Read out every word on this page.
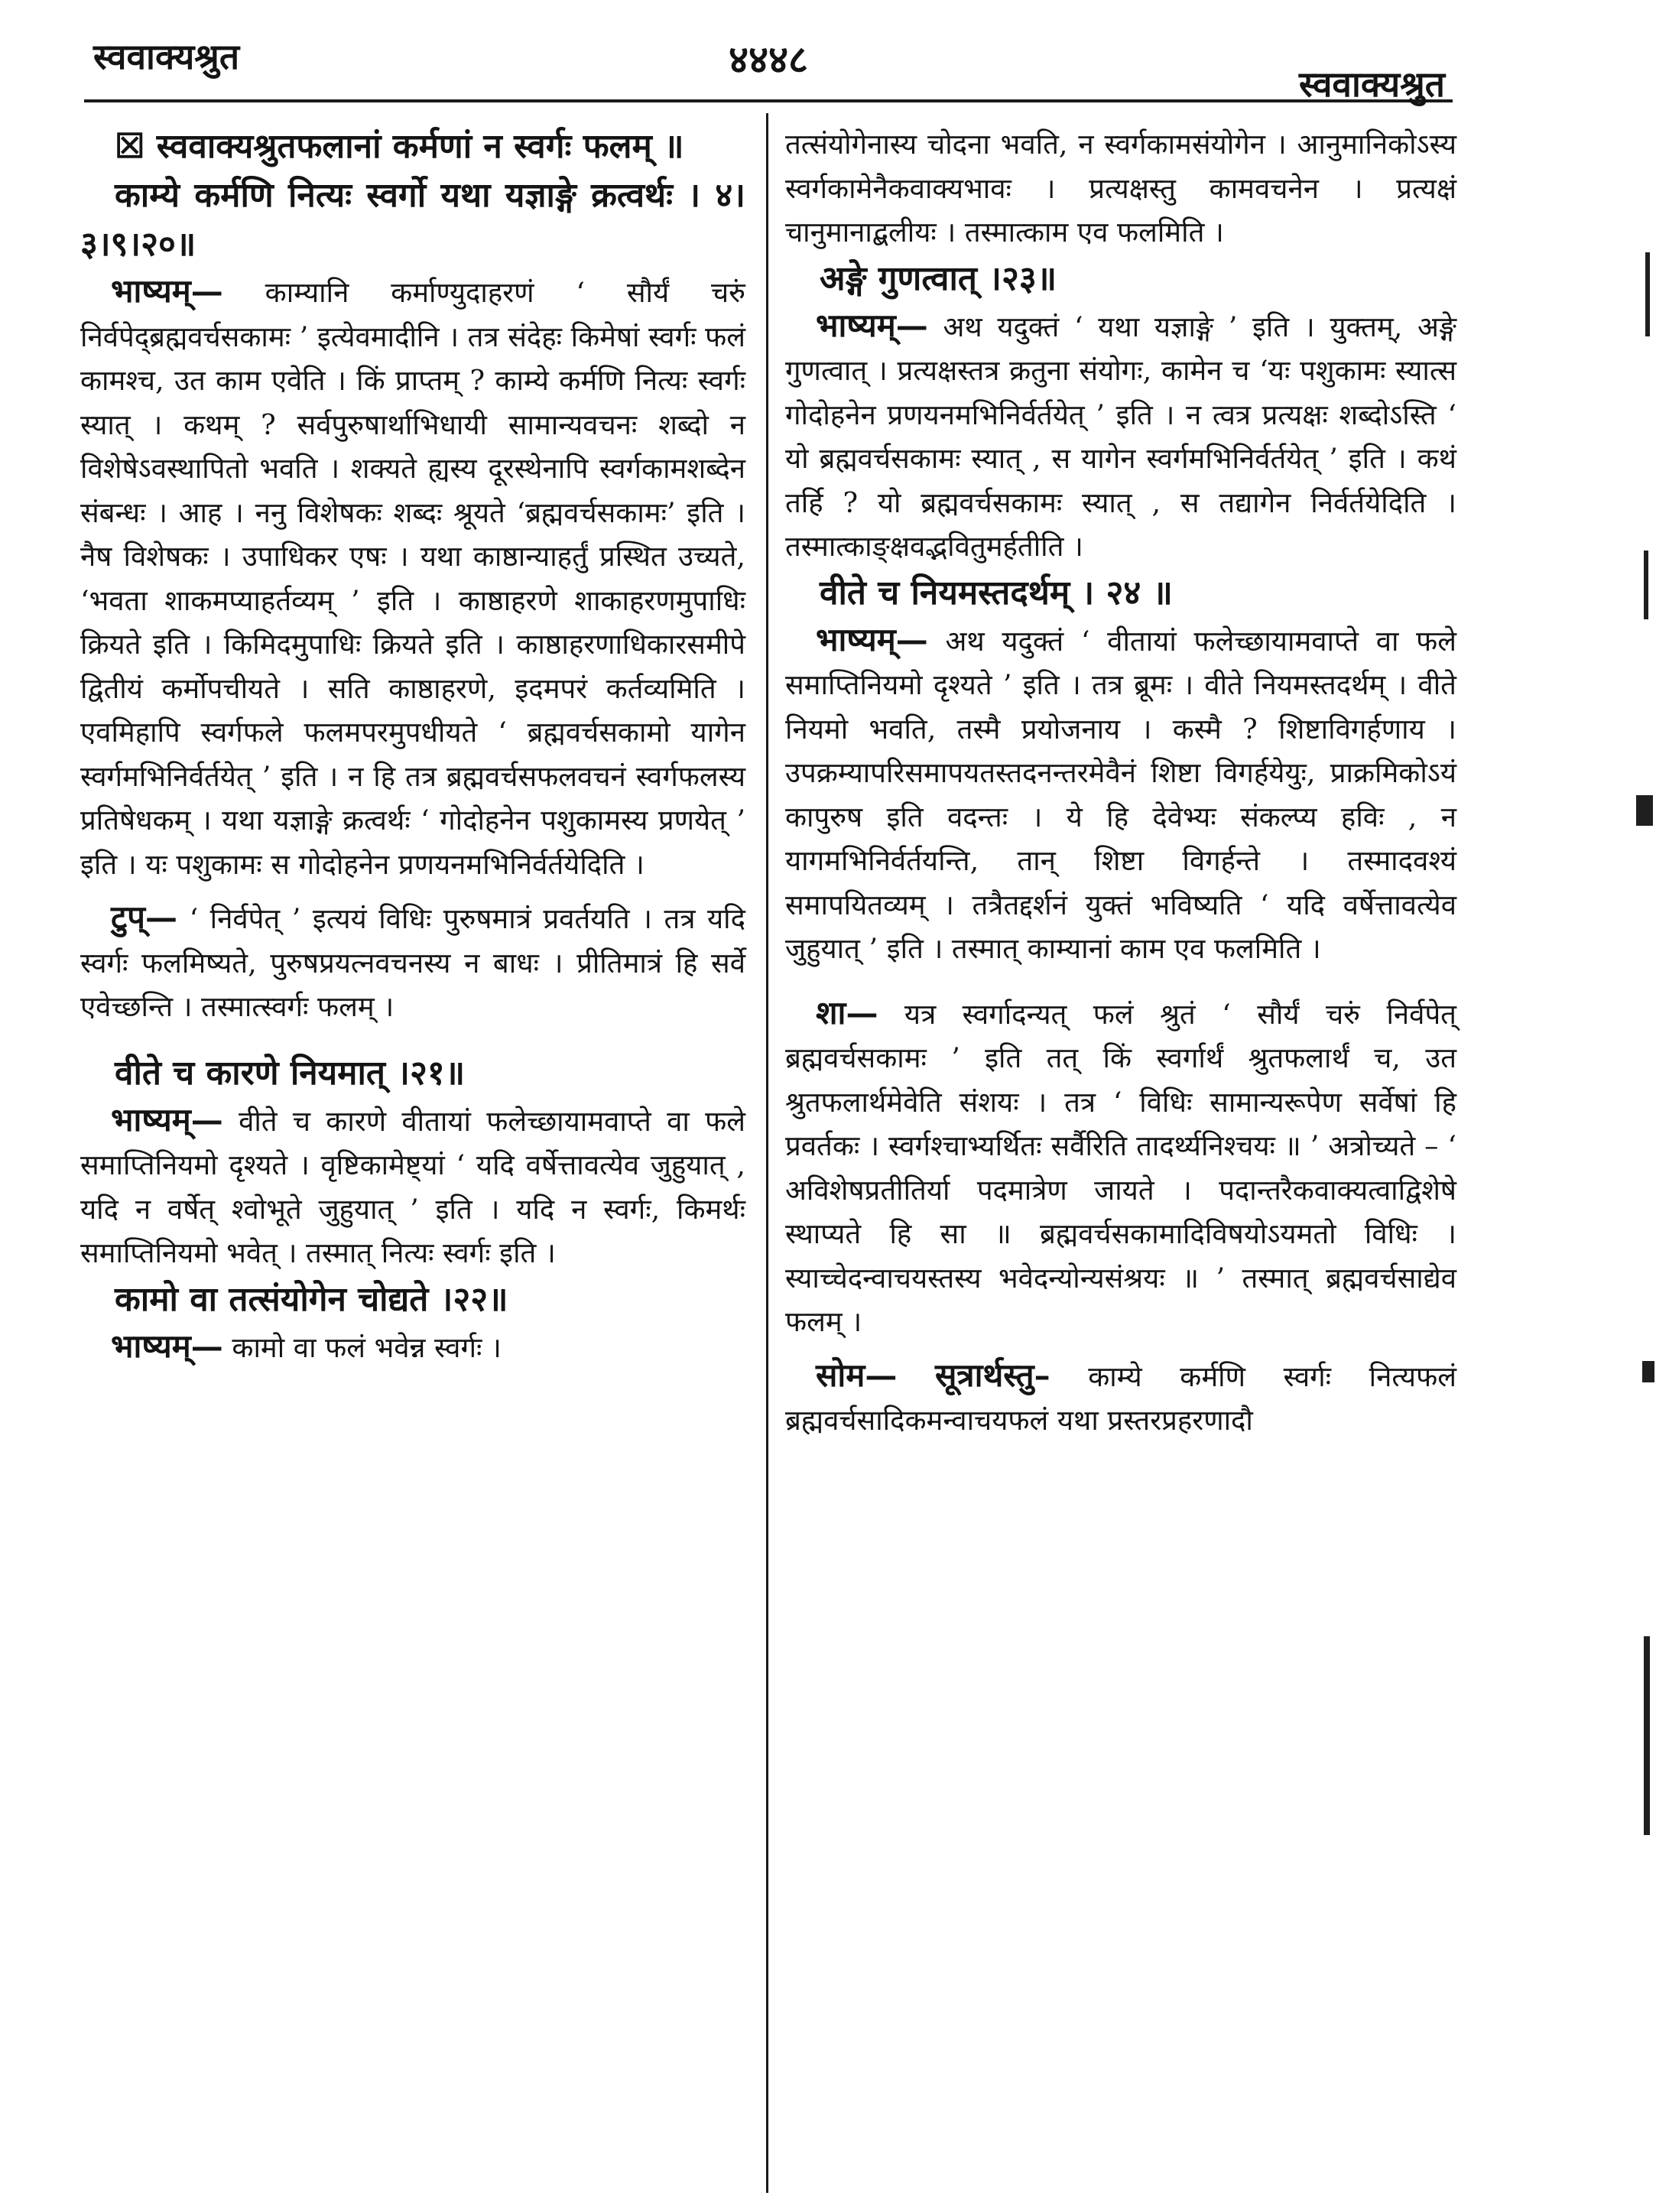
स्ववाक्यश्रुत	४४४८
स्ववाक्यश्रुत
☒ स्ववाक्यश्रुतफलानां कर्मणां न स्वर्गः फलम् ॥
काम्ये कर्मणि नित्यः स्वर्गो यथा यज्ञाङ्गे क्रत्वर्थः । ४।३।९।२०॥
भाष्यम्— काम्यानि कर्माण्युदाहरणं ‘ सौर्यं चरुं निर्वपेद्ब्रह्मवर्चसकामः ’ इत्येवमादीनि । तत्र संदेहः किमेषां स्वर्गः फलं कामश्च, उत काम एवेति । किं प्राप्तम् ? काम्ये कर्मणि नित्यः स्वर्गः स्यात् । कथम् ? सर्वपुरुषार्थाभिधायी सामान्यवचनः शब्दो न विशेषेऽवस्थापितो भवति । शक्यते ह्यस्य दूरस्थेनापि स्वर्गकामशब्देन संबन्धः । आह । ननु विशेषकः शब्दः श्रूयते ‘ब्रह्मवर्चसकामः’ इति । नैष विशेषकः । उपाधिकर एषः । यथा काष्ठान्याहर्तुं प्रस्थित उच्यते, ‘भवता शाकमप्याहर्तव्यम् ’ इति । काष्ठाहरणे शाकाहरणमुपाधिः क्रियते इति । किमिदमुपाधिः क्रियते इति । काष्ठाहरणाधिकारसमीपे द्वितीयं कर्मोपचीयते । सति काष्ठाहरणे, इदमपरं कर्तव्यमिति । एवमिहापि स्वर्गफले फलमपरमुपधीयते ‘ ब्रह्मवर्चसकामो यागेन स्वर्गमभिनिर्वर्तयेत् ’ इति । न हि तत्र ब्रह्मवर्चसफलवचनं स्वर्गफलस्य प्रतिषेधकम् । यथा यज्ञाङ्गे क्रत्वर्थः ‘ गोदोहनेन पशुकामस्य प्रणयेत् ’ इति । यः पशुकामः स गोदोहनेन प्रणयनमभिनिर्वर्तयेदिति ।
टुप्— ‘ निर्वपेत् ’ इत्ययं विधिः पुरुषमात्रं प्रवर्तयति । तत्र यदि स्वर्गः फलमिष्यते, पुरुषप्रयत्नवचनस्य न बाधः । प्रीतिमात्रं हि सर्वे एवेच्छन्ति । तस्मात्स्वर्गः फलम् ।
वीते च कारणे नियमात् ।२१॥
भाष्यम्— वीते च कारणे वीतायां फलेच्छायामवाप्ते वा फले समाप्तिनियमो दृश्यते । वृष्टिकामेष्ट्यां ‘ यदि वर्षेत्तावत्येव जुहुयात् , यदि न वर्षेत् श्वोभूते जुहुयात् ’ इति । यदि न स्वर्गः, किमर्थः समाप्तिनियमो भवेत् । तस्मात् नित्यः स्वर्गः इति ।
कामो वा तत्संयोगेन चोद्यते ।२२॥
भाष्यम्— कामो वा फलं भवेन्न स्वर्गः ।
तत्संयोगेनास्य चोदना भवति, न स्वर्गकामसंयोगेन । आनुमानिकोऽस्य स्वर्गकामेनैकवाक्यभावः । प्रत्यक्षस्तु कामवचनेन । प्रत्यक्षं चानुमानाद्बलीयः । तस्मात्काम एव फलमिति ।
अङ्गे गुणत्वात् ।२३॥
भाष्यम्— अथ यदुक्तं ‘ यथा यज्ञाङ्गे ’ इति । युक्तम्, अङ्गे गुणत्वात् । प्रत्यक्षस्तत्र क्रतुना संयोगः, कामेन च ‘यः पशुकामः स्यात्स गोदोहनेन प्रणयनमभिनिर्वर्तयेत् ’ इति । न त्वत्र प्रत्यक्षः शब्दोऽस्ति ‘ यो ब्रह्मवर्चसकामः स्यात् , स यागेन स्वर्गमभिनिर्वर्तयेत् ’ इति । कथं तर्हि ? यो ब्रह्मवर्चसकामः स्यात् , स तद्यागेन निर्वर्तयेदिति । तस्मात्काङ्क्षवद्भवितुमर्हतीति ।
वीते च नियमस्तदर्थम् । २४ ॥
भाष्यम्— अथ यदुक्तं ‘ वीतायां फलेच्छायामवाप्ते वा फले समाप्तिनियमो दृश्यते ’ इति । तत्र ब्रूमः । वीते नियमस्तदर्थम् । वीते नियमो भवति, तस्मै प्रयोजनाय । कस्मै ? शिष्टाविगर्हणाय । उपक्रम्यापरिसमापयतस्तदनन्तरमेवैनं शिष्टा विगर्हयेयुः, प्राक्रमिकोऽयं कापुरुष इति वदन्तः । ये हि देवेभ्यः संकल्प्य हविः , न यागमभिनिर्वर्तयन्ति, तान् शिष्टा विगर्हन्ते । तस्मादवश्यं समापयितव्यम् । तत्रैतद्दर्शनं युक्तं भविष्यति ‘ यदि वर्षेत्तावत्येव जुहुयात् ’ इति । तस्मात् काम्यानां काम एव फलमिति ।
शा— यत्र स्वर्गादन्यत् फलं श्रुतं ‘ सौर्यं चरुं निर्वपेत् ब्रह्मवर्चसकामः ’ इति तत् किं स्वर्गार्थं श्रुतफलार्थं च, उत श्रुतफलार्थमेवेति संशयः । तत्र ‘ विधिः सामान्यरूपेण सर्वेषां हि प्रवर्तकः । स्वर्गश्चाभ्यर्थितः सर्वैरिति तादर्थ्यनिश्चयः ॥ ’ अत्रोच्यते – ‘ अविशेषप्रतीतिर्या पदमात्रेण जायते । पदान्तरैकवाक्यत्वाद्विशेषे स्थाप्यते हि सा ॥ ब्रह्मवर्चसकामादिविषयोऽयमतो विधिः । स्याच्चेदन्वाचयस्तस्य भवेदन्योन्यसंश्रयः ॥ ’ तस्मात् ब्रह्मवर्चसाद्येव फलम् ।
सोम— सूत्रार्थस्तु– काम्ये कर्मणि स्वर्गः नित्यफलं ब्रह्मवर्चसादिकमन्वाचयफलं यथा प्रस्तरप्रहरणादौ
